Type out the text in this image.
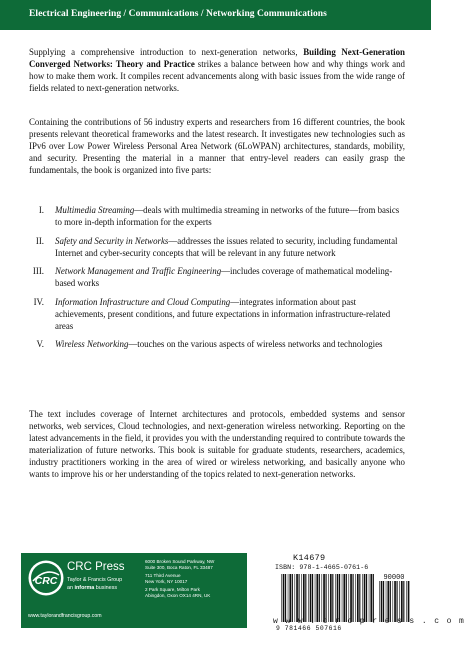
Electrical Engineering / Communications / Networking Communications

Supplying a comprehensive introduction to next-generation networks, Building Next-Generation Converged Networks: Theory and Practice strikes a balance between how and why things work and how to make them work. It compiles recent advancements along with basic issues from the wide range of fields related to next-generation networks.

Containing the contributions of 56 industry experts and researchers from 16 different countries, the book presents relevant theoretical frameworks and the latest research. It investigates new technologies such as IPv6 over Low Power Wireless Personal Area Network (6LoWPAN) architectures, standards, mobility, and security. Presenting the material in a manner that entry-level readers can easily grasp the fundamentals, the book is organized into five parts:

I.	Multimedia Streaming—deals with multimedia streaming in networks of the future—from basics to more in-depth information for the experts
II.	Safety and Security in Networks—addresses the issues related to security, including fundamental Internet and cyber-security concepts that will be relevant in any future network
III.	Network Management and Traffic Engineering—includes coverage of mathematical modeling-based works
IV.	Information Infrastructure and Cloud Computing—integrates information about past achievements, present conditions, and future expectations in information infrastructure-related areas
V.	Wireless Networking—touches on the various aspects of wireless networks and technologies

The text includes coverage of Internet architectures and protocols, embedded systems and sensor networks, web services, Cloud technologies, and next-generation wireless networking. Reporting on the latest advancements in the field, it provides you with the understanding required to contribute towards the materialization of future networks. This book is suitable for graduate students, researchers, academics, industry practitioners working in the area of wired or wireless networking, and basically anyone who wants to improve his or her understanding of the topics related to next-generation networks.

CRC
CRC Press
Taylor & Francis Group
an informa business
www.taylorandfrancisgroup.com
6000 Broken Sound Parkway, NW
Suite 300, Boca Raton, FL 33487
711 Third Avenue
New York, NY 10017
2 Park Square, Milton Park
Abingdon, Oxon OX14 4RN, UK
K14679
ISBN: 978-1-4665-0761-6
90000
9 781466 507616
w w w . c r c p r e s s . c o m
